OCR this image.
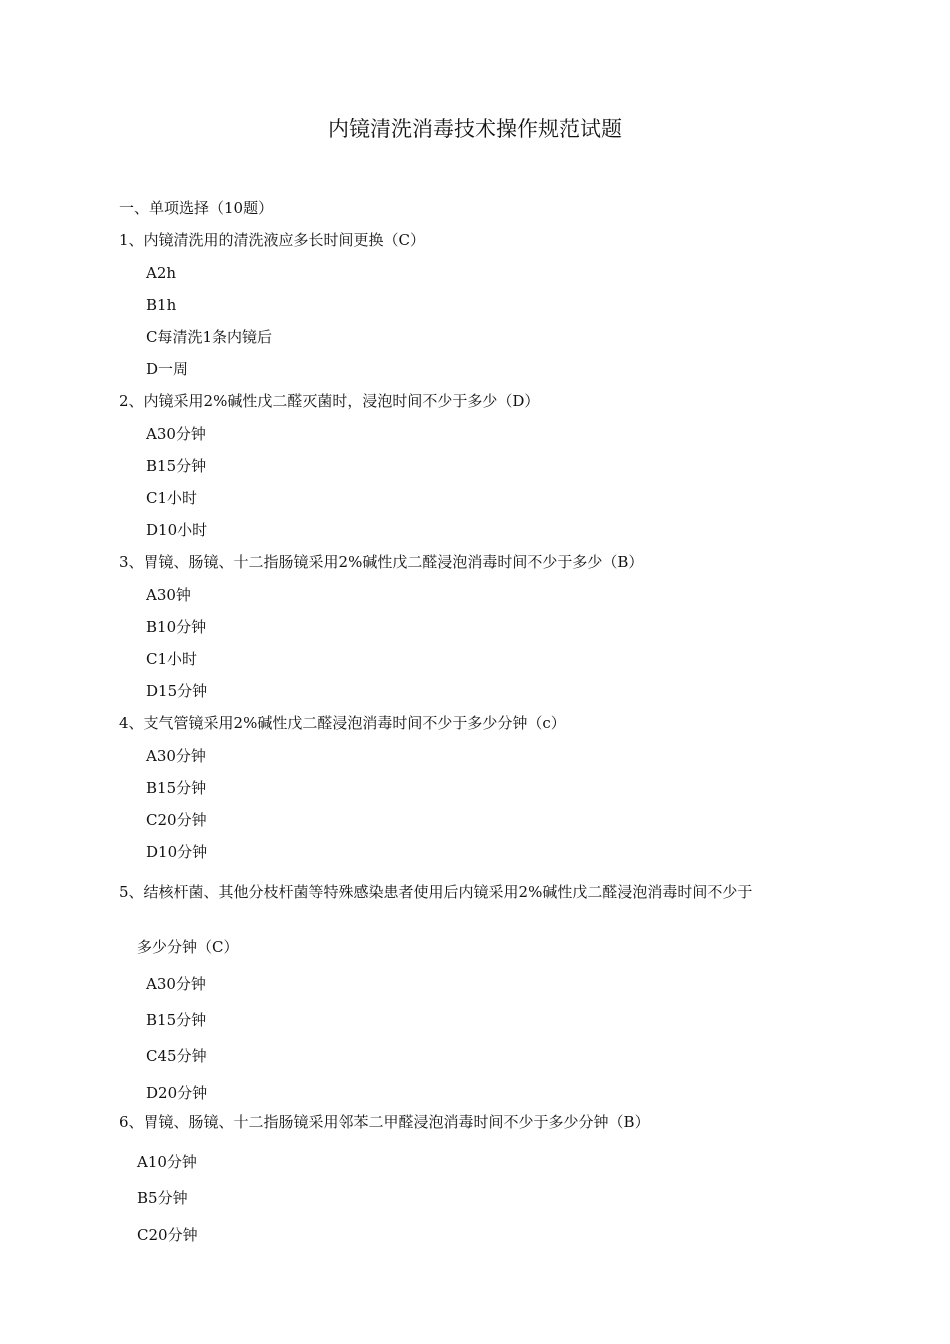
内镜清洗消毒技术操作规范试题

一、单项选择（10题）

1、内镜清洗用的清洗液应多长时间更换（C）

A2h

B1h

C每清洗1条内镜后

D一周

2、内镜采用2%碱性戊二醛灭菌时，浸泡时间不少于多少（D）

A30分钟

B15分钟

C1小时

D10小时

3、胃镜、肠镜、十二指肠镜采用2%碱性戊二醛浸泡消毒时间不少于多少（B）

A30钟

B10分钟

C1小时

D15分钟

4、支气管镜采用2%碱性戊二醛浸泡消毒时间不少于多少分钟（c）

A30分钟

B15分钟

C20分钟

D10分钟

5、结核杆菌、其他分枝杆菌等特殊感染患者使用后内镜采用2%碱性戊二醛浸泡消毒时间不少于

多少分钟（C）

A30分钟

B15分钟

C45分钟

D20分钟

6、胃镜、肠镜、十二指肠镜采用邻苯二甲醛浸泡消毒时间不少于多少分钟（B）

A10分钟

B5分钟

C20分钟
